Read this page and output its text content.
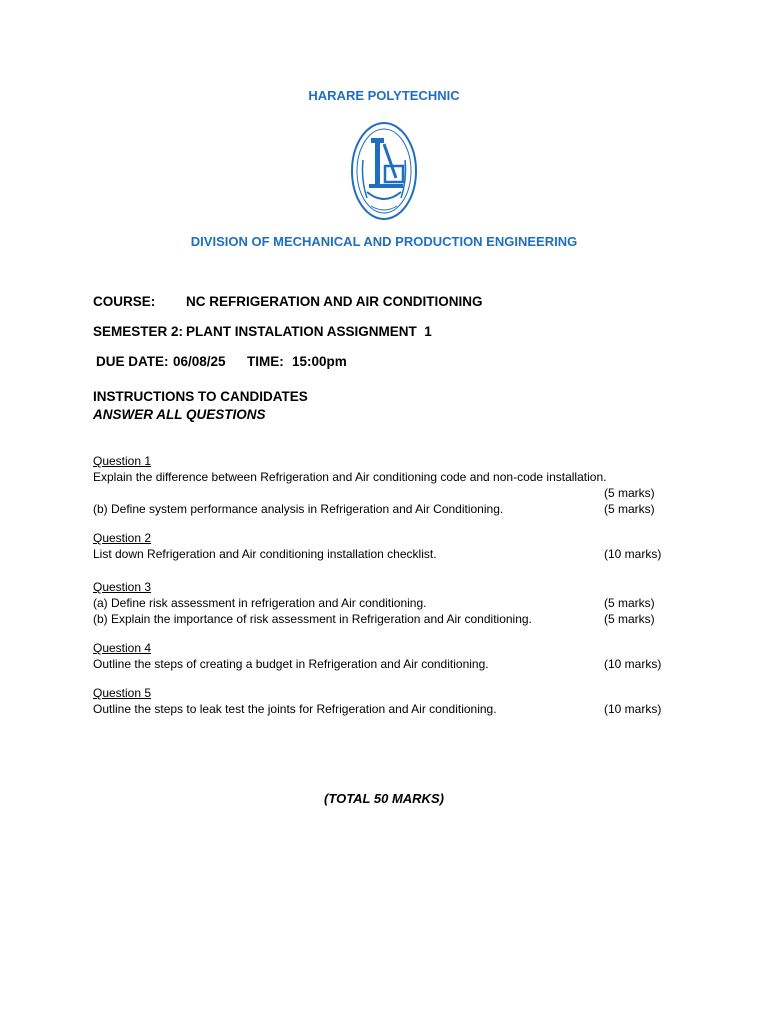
HARARE POLYTECHNIC
DIVISION OF MECHANICAL AND PRODUCTION ENGINEERING
COURSE: NC REFRIGERATION AND AIR CONDITIONING
SEMESTER 2: PLANT INSTALATION ASSIGNMENT  1
DUE DATE: 06/08/25 TIME: 15:00pm
INSTRUCTIONS TO CANDIDATES
ANSWER ALL QUESTIONS
Question 1
Explain the difference between Refrigeration and Air conditioning code and non-code installation.
(5 marks)
(b) Define system performance analysis in Refrigeration and Air Conditioning.	(5 marks)
Question 2
List down Refrigeration and Air conditioning installation checklist.	(10 marks)
Question 3
(a) Define risk assessment in refrigeration and Air conditioning.	(5 marks)
(b) Explain the importance of risk assessment in Refrigeration and Air conditioning.	(5 marks)
Question 4
Outline the steps of creating a budget in Refrigeration and Air conditioning.	(10 marks)
Question 5
Outline the steps to leak test the joints for Refrigeration and Air conditioning.	(10 marks)
(TOTAL 50 MARKS)
